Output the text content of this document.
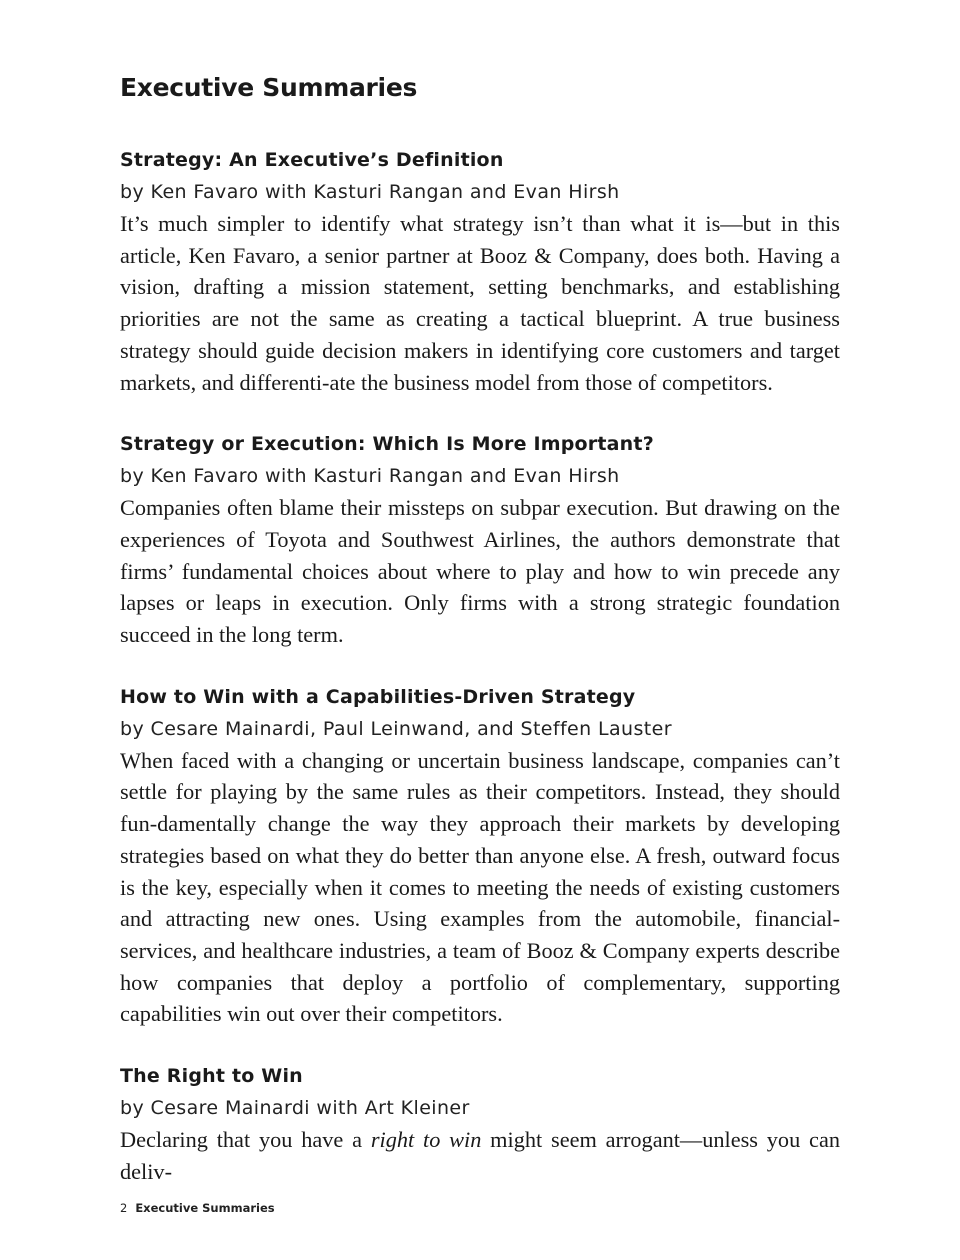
Executive Summaries
Strategy: An Executive’s Definition

by Ken Favaro with Kasturi Rangan and Evan Hirsh

It’s much simpler to identify what strategy isn’t than what it is—but in this article, Ken Favaro, a senior partner at Booz & Company, does both. Having a vision, drafting a mission statement, setting benchmarks, and establishing priorities are not the same as creating a tactical blueprint. A true business strategy should guide decision makers in identifying core customers and target markets, and differenti-ate the business model from those of competitors.

Strategy or Execution: Which Is More Important?

by Ken Favaro with Kasturi Rangan and Evan Hirsh

Companies often blame their missteps on subpar execution. But drawing on the experiences of Toyota and Southwest Airlines, the authors demonstrate that firms’ fundamental choices about where to play and how to win precede any lapses or leaps in execution. Only firms with a strong strategic foundation succeed in the long term.

How to Win with a Capabilities-Driven Strategy

by Cesare Mainardi, Paul Leinwand, and Steffen Lauster

When faced with a changing or uncertain business landscape, companies can’t settle for playing by the same rules as their competitors. Instead, they should fun-damentally change the way they approach their markets by developing strategies based on what they do better than anyone else. A fresh, outward focus is the key, especially when it comes to meeting the needs of existing customers and attracting new ones. Using examples from the automobile, financial-services, and healthcare industries, a team of Booz & Company experts describe how companies that deploy a portfolio of complementary, supporting capabilities win out over their competitors.

The Right to Win

by Cesare Mainardi with Art Kleiner

Declaring that you have a right to win might seem arrogant—unless you can deliv-

2 Executive Summaries
